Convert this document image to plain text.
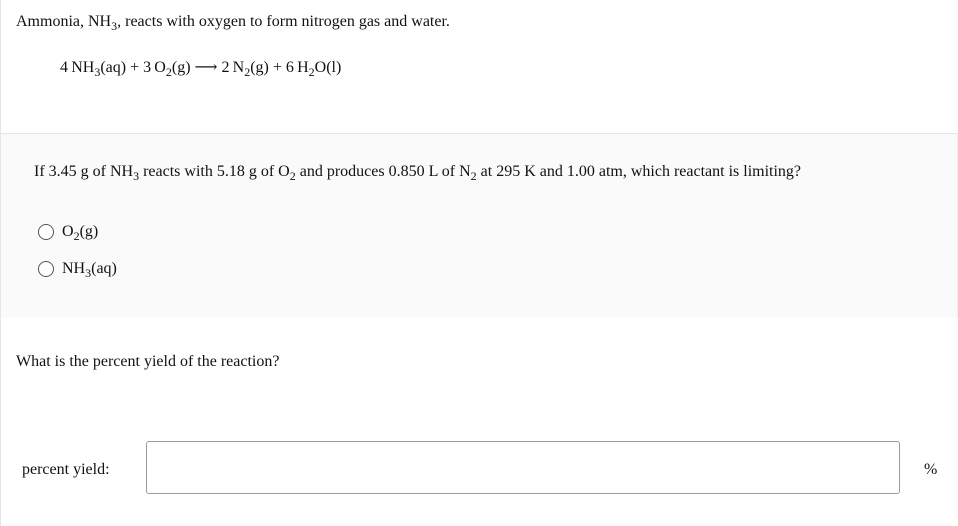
Ammonia, $NH_3$, reacts with oxygen to form nitrogen gas and water.
4 $NH_3(aq) + 3$ $O_2(g)$ ⟶ 2 $N_2(g) + 6$ $H_2O(l)$
If 3.45 g of $NH_3$ reacts with 5.18 g of $O_2$ and produces 0.850 L of $N_2$ at 295 K and 1.00 atm, which reactant is limiting?
$O_2(g)$
$NH_3(aq)$
What is the percent yield of the reaction?
percent yield:	%
